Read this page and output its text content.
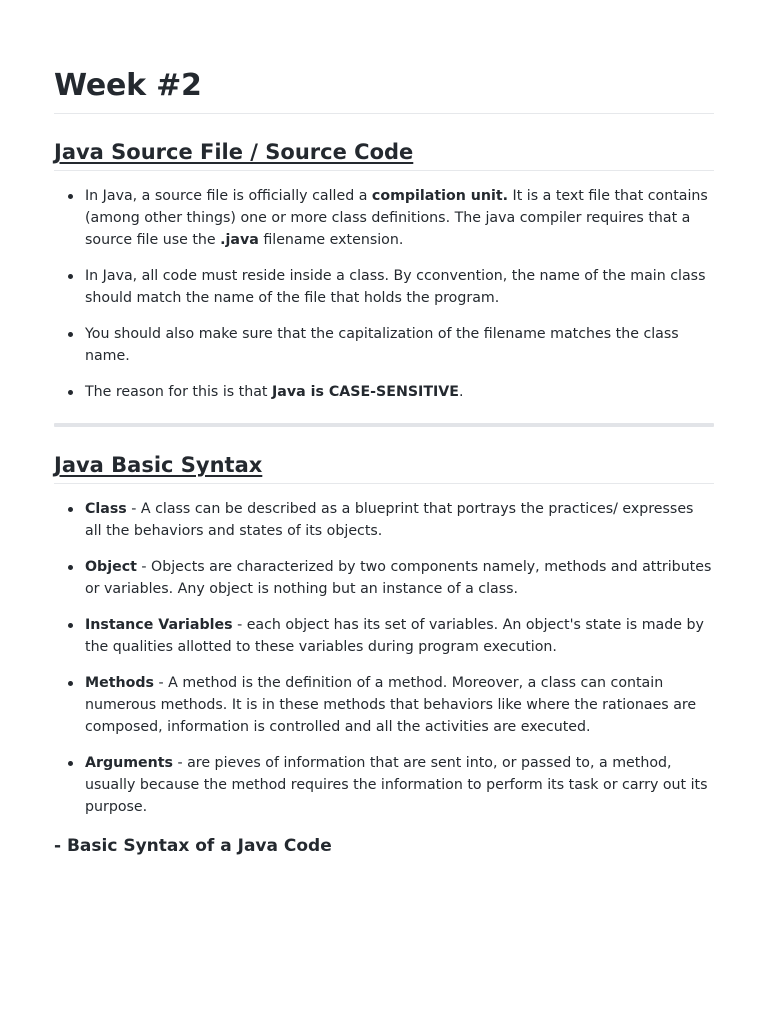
Week #2
Java Source File / Source Code
In Java, a source file is officially called a compilation unit. It is a text file that contains (among other things) one or more class definitions. The java compiler requires that a source file use the .java filename extension.
In Java, all code must reside inside a class. By cconvention, the name of the main class should match the name of the file that holds the program.
You should also make sure that the capitalization of the filename matches the class name.
The reason for this is that Java is CASE-SENSITIVE.
Java Basic Syntax
Class - A class can be described as a blueprint that portrays the practices/ expresses all the behaviors and states of its objects.
Object - Objects are characterized by two components namely, methods and attributes or variables. Any object is nothing but an instance of a class.
Instance Variables - each object has its set of variables. An object's state is made by the qualities allotted to these variables during program execution.
Methods - A method is the definition of a method. Moreover, a class can contain numerous methods. It is in these methods that behaviors like where the rationaes are composed, information is controlled and all the activities are executed.
Arguments - are pieves of information that are sent into, or passed to, a method, usually because the method requires the information to perform its task or carry out its purpose.
- Basic Syntax of a Java Code
